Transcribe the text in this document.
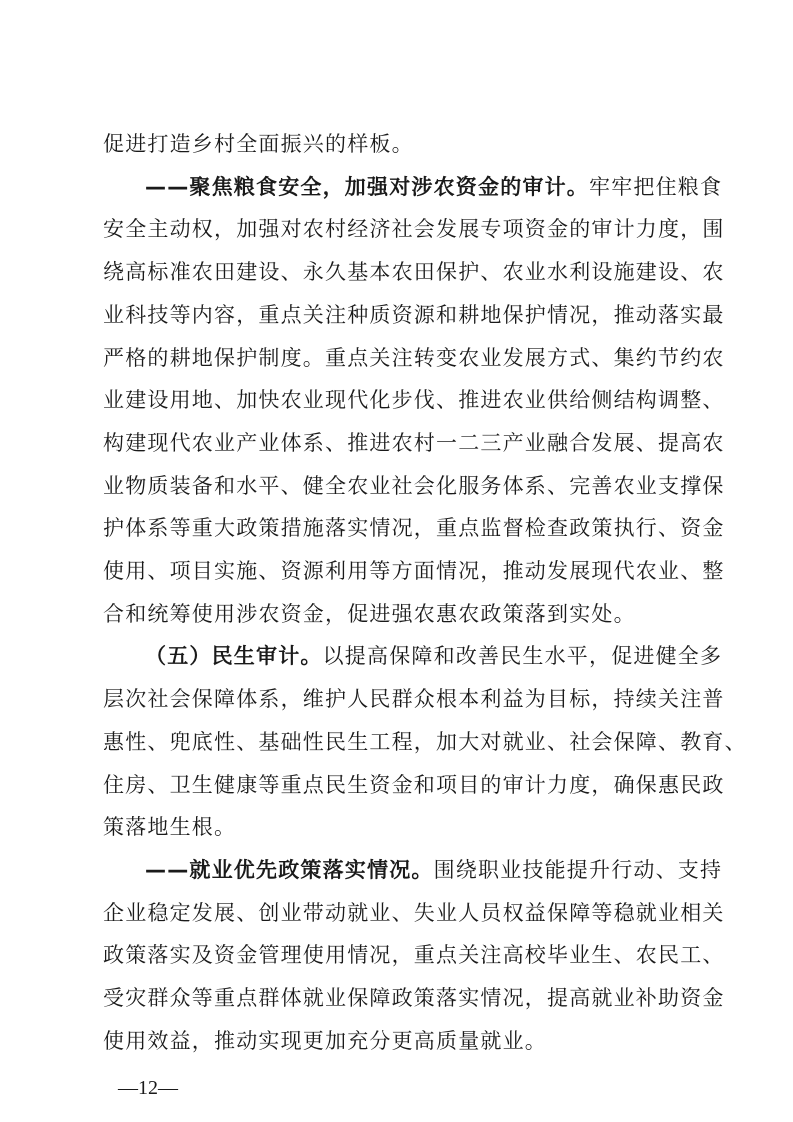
促进打造乡村全面振兴的样板。
——聚焦粮食安全，加强对涉农资金的审计。牢牢把住粮食
安全主动权，加强对农村经济社会发展专项资金的审计力度，围
绕高标准农田建设、永久基本农田保护、农业水利设施建设、农
业科技等内容，重点关注种质资源和耕地保护情况，推动落实最
严格的耕地保护制度。重点关注转变农业发展方式、集约节约农
业建设用地、加快农业现代化步伐、推进农业供给侧结构调整、
构建现代农业产业体系、推进农村一二三产业融合发展、提高农
业物质装备和水平、健全农业社会化服务体系、完善农业支撑保
护体系等重大政策措施落实情况，重点监督检查政策执行、资金
使用、项目实施、资源利用等方面情况，推动发展现代农业、整
合和统筹使用涉农资金，促进强农惠农政策落到实处。
（五）民生审计。以提高保障和改善民生水平，促进健全多
层次社会保障体系，维护人民群众根本利益为目标，持续关注普
惠性、兜底性、基础性民生工程，加大对就业、社会保障、教育、
住房、卫生健康等重点民生资金和项目的审计力度，确保惠民政
策落地生根。
——就业优先政策落实情况。围绕职业技能提升行动、支持
企业稳定发展、创业带动就业、失业人员权益保障等稳就业相关
政策落实及资金管理使用情况，重点关注高校毕业生、农民工、
受灾群众等重点群体就业保障政策落实情况，提高就业补助资金
使用效益，推动实现更加充分更高质量就业。
—12—
